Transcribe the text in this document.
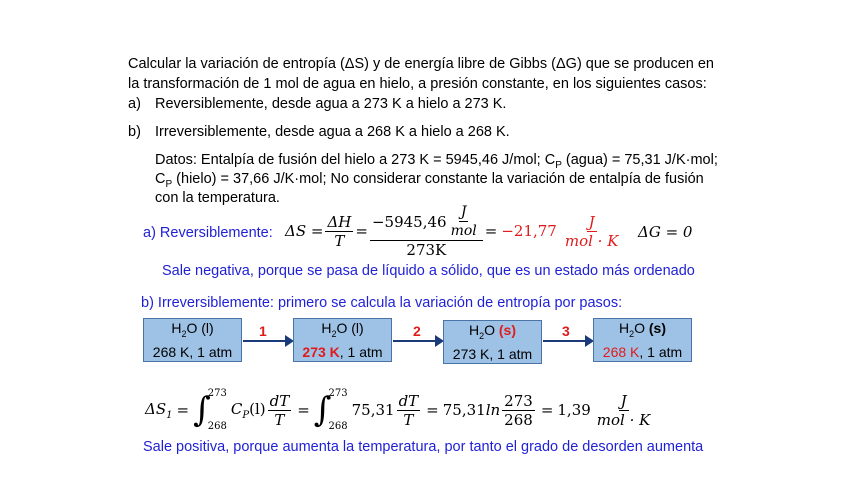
Calcular la variación de entropía (ΔS) y de energía libre de Gibbs (ΔG) que se producen en
la transformación de 1 mol de agua en hielo, a presión constante, en los siguientes casos:
a) Reversiblemente, desde agua a 273 K a hielo a 273 K.
b) Irreversiblemente, desde agua a 268 K a hielo a 268 K.
Datos: Entalpía de fusión del hielo a 273 K = 5945,46 J/mol; $C_P$ (agua) = 75,31 J/K·mol;
$C_P$ (hielo) = 37,66 J/K·mol; No considerar constante la variación de entalpía de fusión
con la temperatura.
a) Reversiblemente: $\Delta S = \frac{\Delta H}{T} = \frac{-5945,46 \frac{J}{\text{mol}}}{273K} = -21,77 \frac{J}{\text{mol · K}}$ ΔG = 0
Sale negativa, porque se pasa de líquido a sólido, que es un estado más ordenado
b) Irreversiblemente: primero se calcula la variación de entropía por pasos:
$H_2O$ (l)
268 K, 1 atm
1	$H_2O$ (l)
273 K, 1 atm
2	$H_2O$ (s)
273 K, 1 atm
3	$H_2O$ (s)
268 K, 1 atm
$\Delta S_1$ = ∫
273
268
$C_P(l) \frac{dT}{T}$ = ∫
273
268
$75,31 \frac{dT}{T} = 75,31$ $\ln \frac{273}{268} = 1,39 \frac{J}{\text{mol · K}}$
Sale positiva, porque aumenta la temperatura, por tanto el grado de desorden aumenta
